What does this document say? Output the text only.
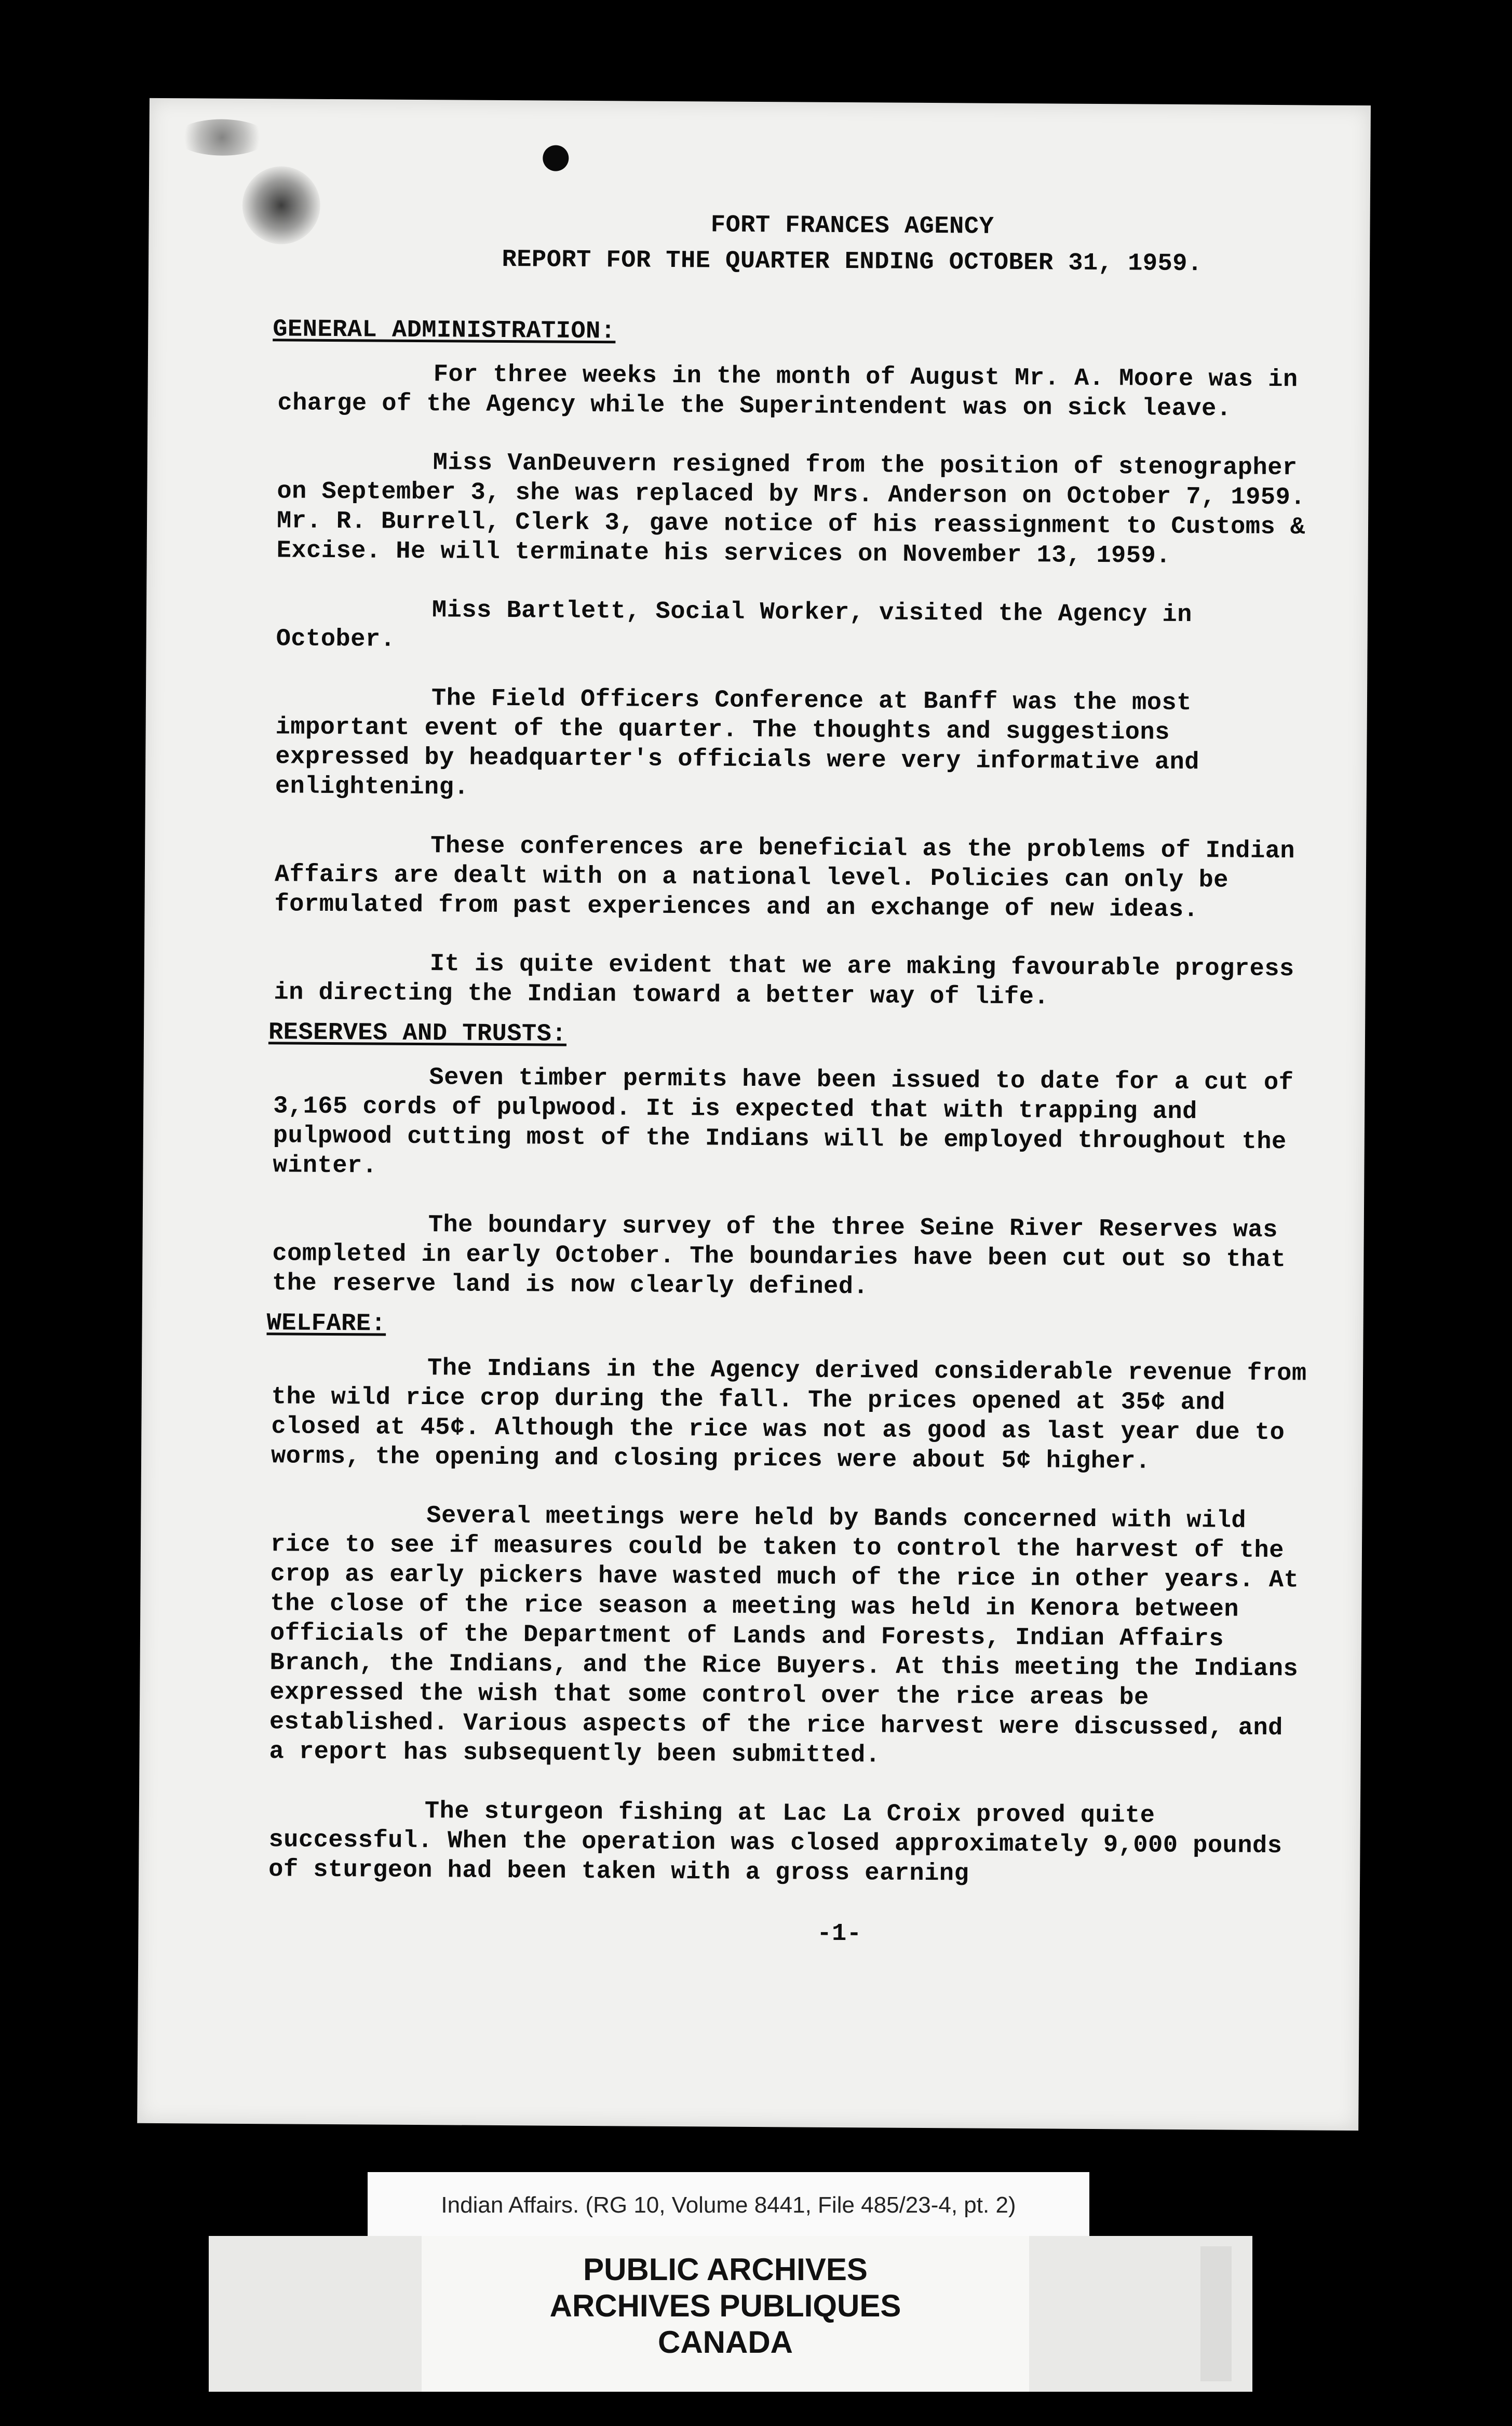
FORT FRANCES AGENCY
REPORT FOR THE QUARTER ENDING OCTOBER 31, 1959.
GENERAL ADMINISTRATION:
For three weeks in the month of August Mr. A. Moore was in charge of the Agency while the Superintendent was on sick leave.
Miss VanDeuvern resigned from the position of stenographer on September 3, she was replaced by Mrs. Anderson on October 7, 1959. Mr. R. Burrell, Clerk 3, gave notice of his reassignment to Customs & Excise. He will terminate his services on November 13, 1959.
Miss Bartlett, Social Worker, visited the Agency in October.
The Field Officers Conference at Banff was the most important event of the quarter. The thoughts and suggestions expressed by headquarter's officials were very informative and enlightening.
These conferences are beneficial as the problems of Indian Affairs are dealt with on a national level. Policies can only be formulated from past experiences and an exchange of new ideas.
It is quite evident that we are making favourable progress in directing the Indian toward a better way of life.
RESERVES AND TRUSTS:
Seven timber permits have been issued to date for a cut of 3,165 cords of pulpwood. It is expected that with trapping and pulpwood cutting most of the Indians will be employed throughout the winter.
The boundary survey of the three Seine River Reserves was completed in early October. The boundaries have been cut out so that the reserve land is now clearly defined.
WELFARE:
The Indians in the Agency derived considerable revenue from the wild rice crop during the fall. The prices opened at 35¢ and closed at 45¢. Although the rice was not as good as last year due to worms, the opening and closing prices were about 5¢ higher.
Several meetings were held by Bands concerned with wild rice to see if measures could be taken to control the harvest of the crop as early pickers have wasted much of the rice in other years. At the close of the rice season a meeting was held in Kenora between officials of the Department of Lands and Forests, Indian Affairs Branch, the Indians, and the Rice Buyers. At this meeting the Indians expressed the wish that some control over the rice areas be established. Various aspects of the rice harvest were discussed, and a report has subsequently been submitted.
The sturgeon fishing at Lac La Croix proved quite successful. When the operation was closed approximately 9,000 pounds of sturgeon had been taken with a gross earning
-1-
Indian Affairs. (RG 10, Volume 8441, File 485/23-4, pt. 2)
PUBLIC ARCHIVES
ARCHIVES PUBLIQUES
CANADA
